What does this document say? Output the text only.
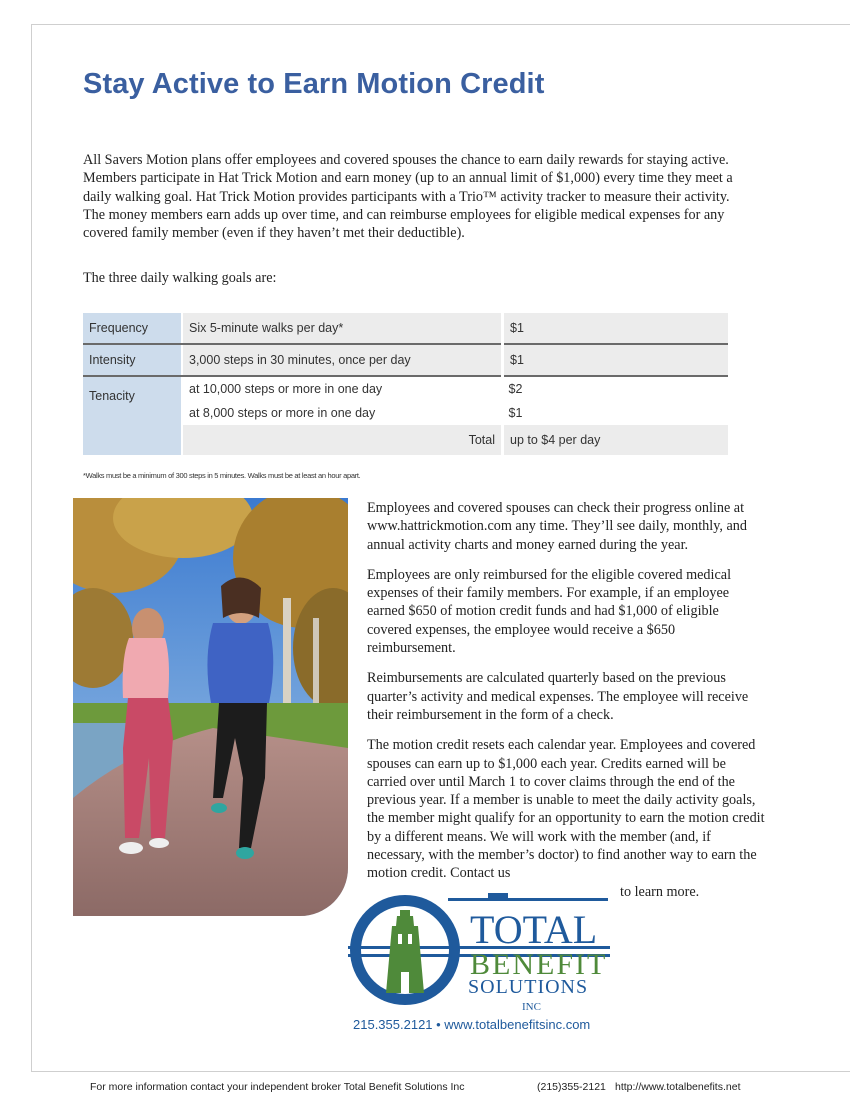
Stay Active to Earn Motion Credit

All Savers Motion plans offer employees and covered spouses the chance to earn daily rewards for staying active. Members participate in Hat Trick Motion and earn money (up to an annual limit of $1,000) every time they meet a daily walking goal. Hat Trick Motion provides participants with a Trio™ activity tracker to measure their activity. The money members earn adds up over time, and can reimburse employees for eligible medical expenses for any covered family member (even if they haven’t met their deductible).

The three daily walking goals are:

Frequency	Six 5-minute walks per day*	$1
Intensity	3,000 steps in 30 minutes, once per day	$1
Tenacity	at 10,000 steps or more in one day	$2
	at 8,000 steps or more in one day	$1
	Total	up to $4 per day
*Walks must be a minimum of 300 steps in 5 minutes. Walks must be at least an hour apart.

Employees and covered spouses can check their progress online at www.hattrickmotion.com any time. They’ll see daily, monthly, and annual activity charts and money earned during the year.

Employees are only reimbursed for the eligible covered medical expenses of their family members. For example, if an employee earned $650 of motion credit funds and had $1,000 of eligible covered expenses, the employee would receive a $650 reimbursement.

Reimbursements are calculated quarterly based on the previous quarter’s activity and medical expenses. The employee will receive their reimbursement in the form of a check.

The motion credit resets each calendar year. Employees and covered spouses can earn up to $1,000 each year. Credits earned will be carried over until March 1 to cover claims through the end of the previous year. If a member is unable to meet the daily activity goals, the member might qualify for an opportunity to earn the motion credit by a different means. We will work with the member (and, if necessary, with the member’s doctor) to find another way to earn the motion credit. Contact us

to learn more.

TOTAL
BENEFIT
SOLUTIONS
INC
215.355.2121 • www.totalbenefitsinc.com
For more information contact your independent broker Total Benefit Solutions Inc	(215)355-2121 http://www.totalbenefits.net
